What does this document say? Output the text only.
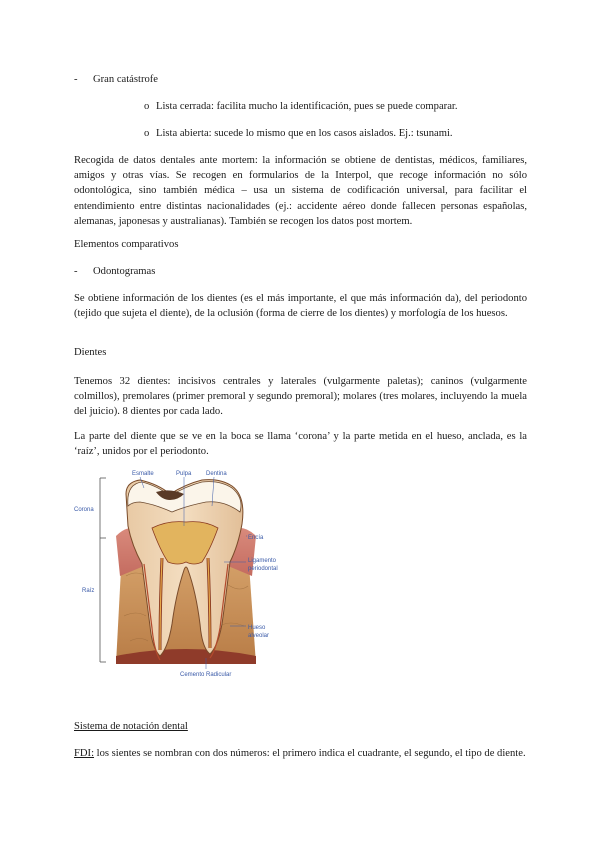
- Gran catástrofe
o Lista cerrada: facilita mucho la identificación, pues se puede comparar.
o Lista abierta: sucede lo mismo que en los casos aislados. Ej.: tsunami.
Recogida de datos dentales ante mortem: la información se obtiene de dentistas, médicos, familiares, amigos y otras vías. Se recogen en formularios de la Interpol, que recoge información no sólo odontológica, sino también médica – usa un sistema de codificación universal, para facilitar el entendimiento entre distintas nacionalidades (ej.: accidente aéreo donde fallecen personas españolas, alemanas, japonesas y australianas). También se recogen los datos post mortem.
Elementos comparativos
- Odontogramas
Se obtiene información de los dientes (es el más importante, el que más información da), del periodonto (tejido que sujeta el diente), de la oclusión (forma de cierre de los dientes) y morfología de los huesos.
Dientes
Tenemos 32 dientes: incisivos centrales y laterales (vulgarmente paletas); caninos (vulgarmente colmillos), premolares (primer premoral y segundo premoral); molares (tres molares, incluyendo la muela del juicio). 8 dientes por cada lado.
La parte del diente que se ve en la boca se llama ‘corona’ y la parte metida en el hueso, anclada, es la ‘raíz’, unidos por el periodonto.
Esmalte	Pulpa Dentina
Corona
Raíz
Encía
Ligamento
periodontal
Hueso
alveolar
Cemento Radicular
Sistema de notación dental
FDI: los sientes se nombran con dos números: el primero indica el cuadrante, el segundo, el tipo de diente.
